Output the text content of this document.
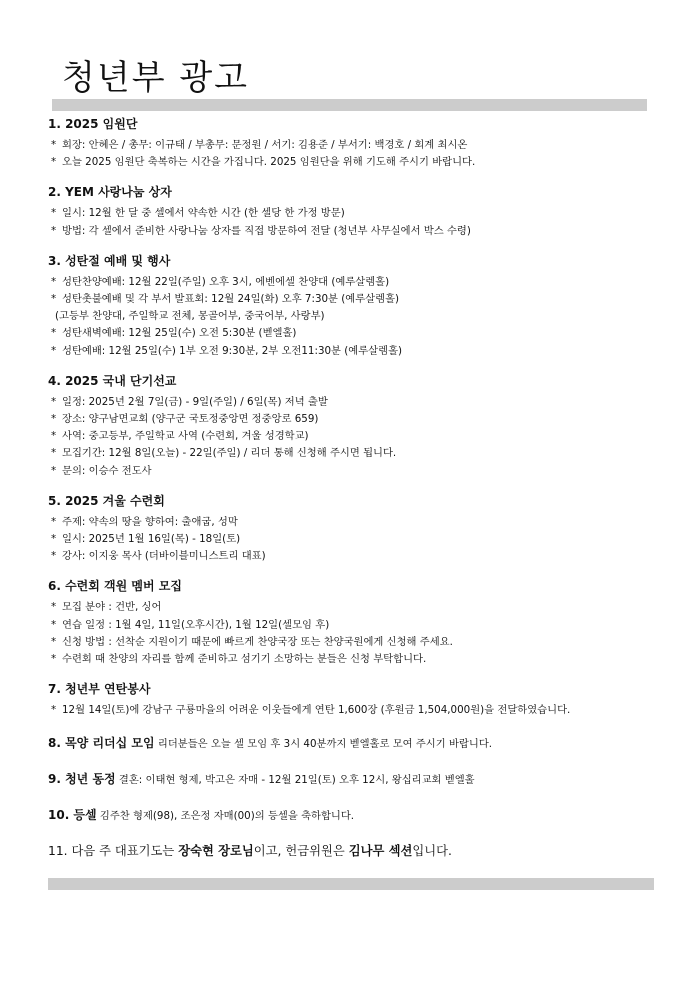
청년부 광고
1. 2025 임원단
* 회장: 안혜은 / 총무: 이규태 / 부총무: 문정원 / 서기: 김용준 / 부서기: 백경호 / 회계 최시온
* 오늘 2025 임원단 축복하는 시간을 가집니다. 2025 임원단을 위해 기도해 주시기 바랍니다.
2. YEM 사랑나눔 상자
* 일시: 12월 한 달 중 셀에서 약속한 시간 (한 셀당 한 가정 방문)
* 방법: 각 셀에서 준비한 사랑나눔 상자를 직접 방문하여 전달 (청년부 사무실에서 박스 수령)
3. 성탄절 예배 및 행사
* 성탄찬양예배: 12월 22일(주일) 오후 3시, 에벤에셀 찬양대 (예루살렘홀)
* 성탄촛불예배 및 각 부서 발표회: 12월 24일(화) 오후 7:30분 (예루살렘홀)
(고등부 찬양대, 주일학교 전체, 몽골어부, 중국어부, 사랑부)
* 성탄새벽예배: 12월 25일(수) 오전 5:30분 (벧엘홀)
* 성탄예배: 12월 25일(수) 1부 오전 9:30분, 2부 오전11:30분 (예루살렘홀)
4. 2025 국내 단기선교
* 일정: 2025년 2월 7일(금) - 9일(주일) / 6일(목) 저녁 출발
* 장소: 양구남면교회 (양구군 국토정중앙면 정중앙로 659)
* 사역: 중고등부, 주일학교 사역 (수련회, 겨울 성경학교)
* 모집기간: 12월 8일(오늘) - 22일(주일) / 리더 통해 신청해 주시면 됩니다.
* 문의: 이승수 전도사
5. 2025 겨울 수련회
* 주제: 약속의 땅을 향하여: 출애굽, 성막
* 일시: 2025년 1월 16일(목) - 18일(토)
* 강사: 이지웅 목사 (더바이블미니스트리 대표)
6. 수련회 객원 멤버 모집
* 모집 분야 : 건반, 싱어
* 연습 일정 : 1월 4일, 11일(오후시간), 1월 12일(셀모임 후)
* 신청 방법 : 선착순 지원이기 때문에 빠르게 찬양국장 또는 찬양국원에게 신청해 주세요.
* 수련회 때 찬양의 자리를 함께 준비하고 섬기기 소망하는 분들은 신청 부탁합니다.
7. 청년부 연탄봉사
* 12월 14일(토)에 강남구 구룡마을의 어려운 이웃들에게 연탄 1,600장 (후원금 1,504,000원)을 전달하였습니다.
8. 목양 리더십 모임 리더분들은 오늘 셀 모임 후 3시 40분까지 벧엘홀로 모여 주시기 바랍니다.
9. 청년 동정 결혼: 이태현 형제, 박고은 자매 - 12월 21일(토) 오후 12시, 왕십리교회 벧엘홀
10. 등셀 김주찬 형제(98), 조은정 자매(00)의 등셀을 축하합니다.
11. 다음 주 대표기도는 장숙현 장로님이고, 헌금위원은 김나무 섹션입니다.
